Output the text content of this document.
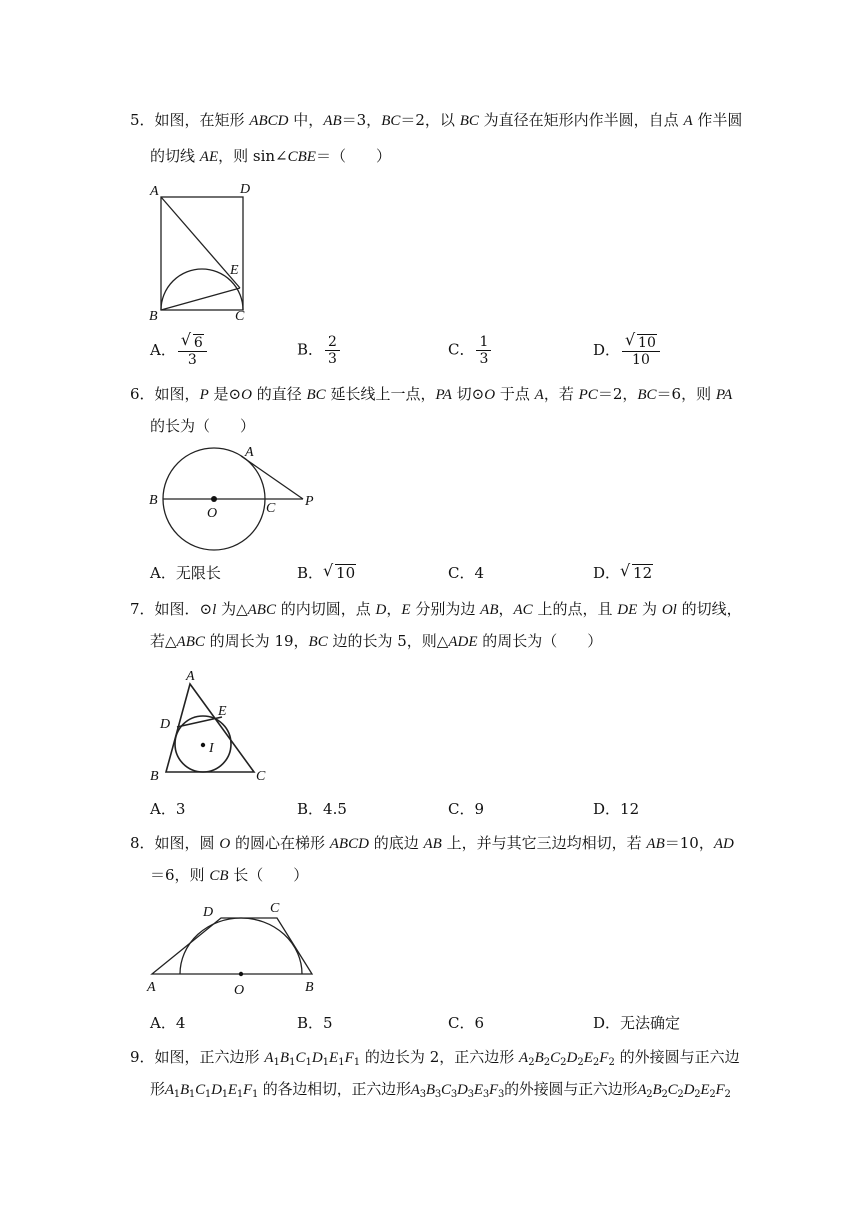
5．如图，在矩形 ABCD 中，AB＝3，BC＝2，以 BC 为直径在矩形内作半圆，自点 A 作半圆
的切线 AE，则 sin∠CBE＝（　　）
A	D
E
B	C
A． √ $\frac{6}{3}$	B． $\frac{2}{3}$	C． $\frac{1}{3}$	D． √ $\frac{10}{10}$
6．如图，P 是⊙O 的直径 BC 延长线上一点，PA 切⊙O 于点 A，若 PC＝2，BC＝6，则 PA
的长为（　　）
A
B
O	C P
A．无限长	B． √ 10	C．4	D． √ 12
7．如图．⊙l 为△ABC 的内切圆，点 D，E 分别为边 AB，AC 上的点，且 DE 为 Ol 的切线，
若△ABC 的周长为 19，BC 边的长为 5，则△ADE 的周长为（　　）
A
D
E
I
B	C
A．3	B．4.5	C．9	D．12
8．如图，圆 O 的圆心在梯形 ABCD 的底边 AB 上，并与其它三边均相切，若 AB＝10，AD
＝6，则 CB 长（　　）
D	C
A	O	B
A．4	B．5	C．6	D．无法确定
9．如图，正六边形 $A_1B_1C_1D_1E_1F_1$ 的边长为 2，正六边形 $A_2B_2C_2D_2E_2F_2$ 的外接圆与正六边
形$A_1B_1C_1D_1E_1F_1$ 的各边相切，正六边形$A_3B_3C_3D_3E_3F_3$的外接圆与正六边形$A_2B_2C_2D_2E_2F_2$
